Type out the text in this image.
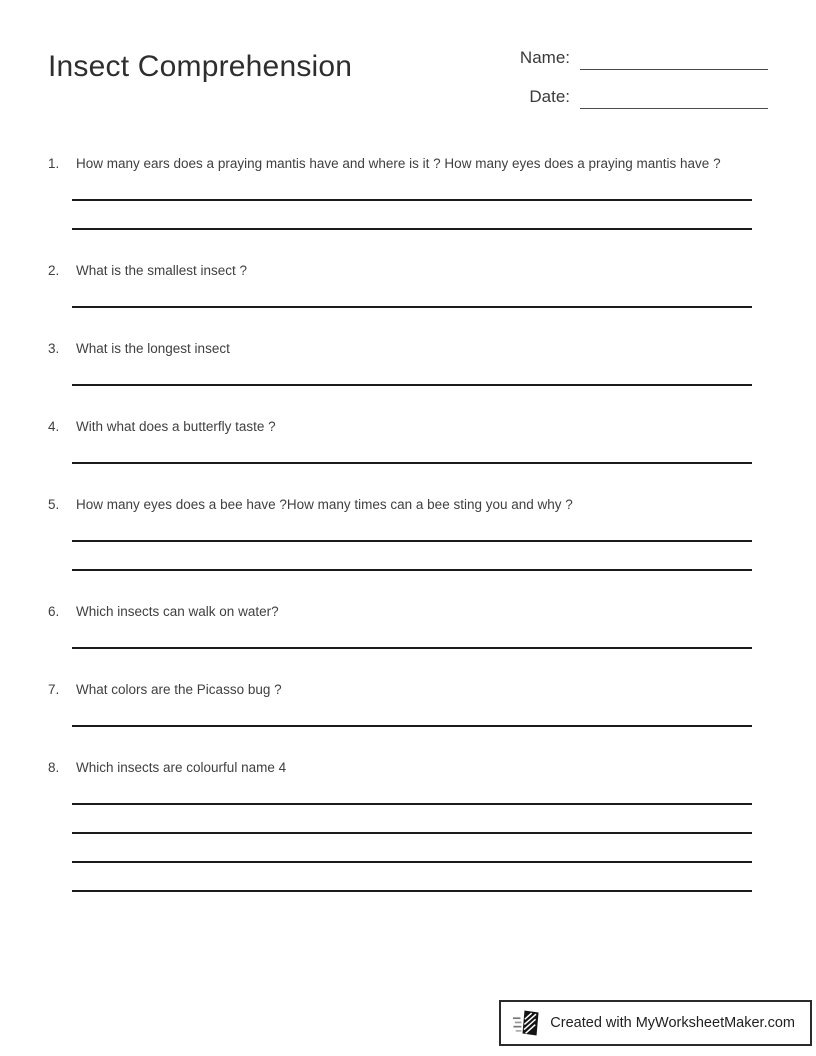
Insect Comprehension	Name:
Date:
1.	How many ears does a praying mantis have and where is it ? How many eyes does a praying mantis have ?
2.	What is the smallest insect ?
3.	What is the longest insect
4.	With what does a butterfly taste ?
5.	How many eyes does a bee have ?How many times can a bee sting you and why ?
6.	Which insects can walk on water?
7.	What colors are the Picasso bug ?
8.	Which insects are colourful name 4
Created with MyWorksheetMaker.com
